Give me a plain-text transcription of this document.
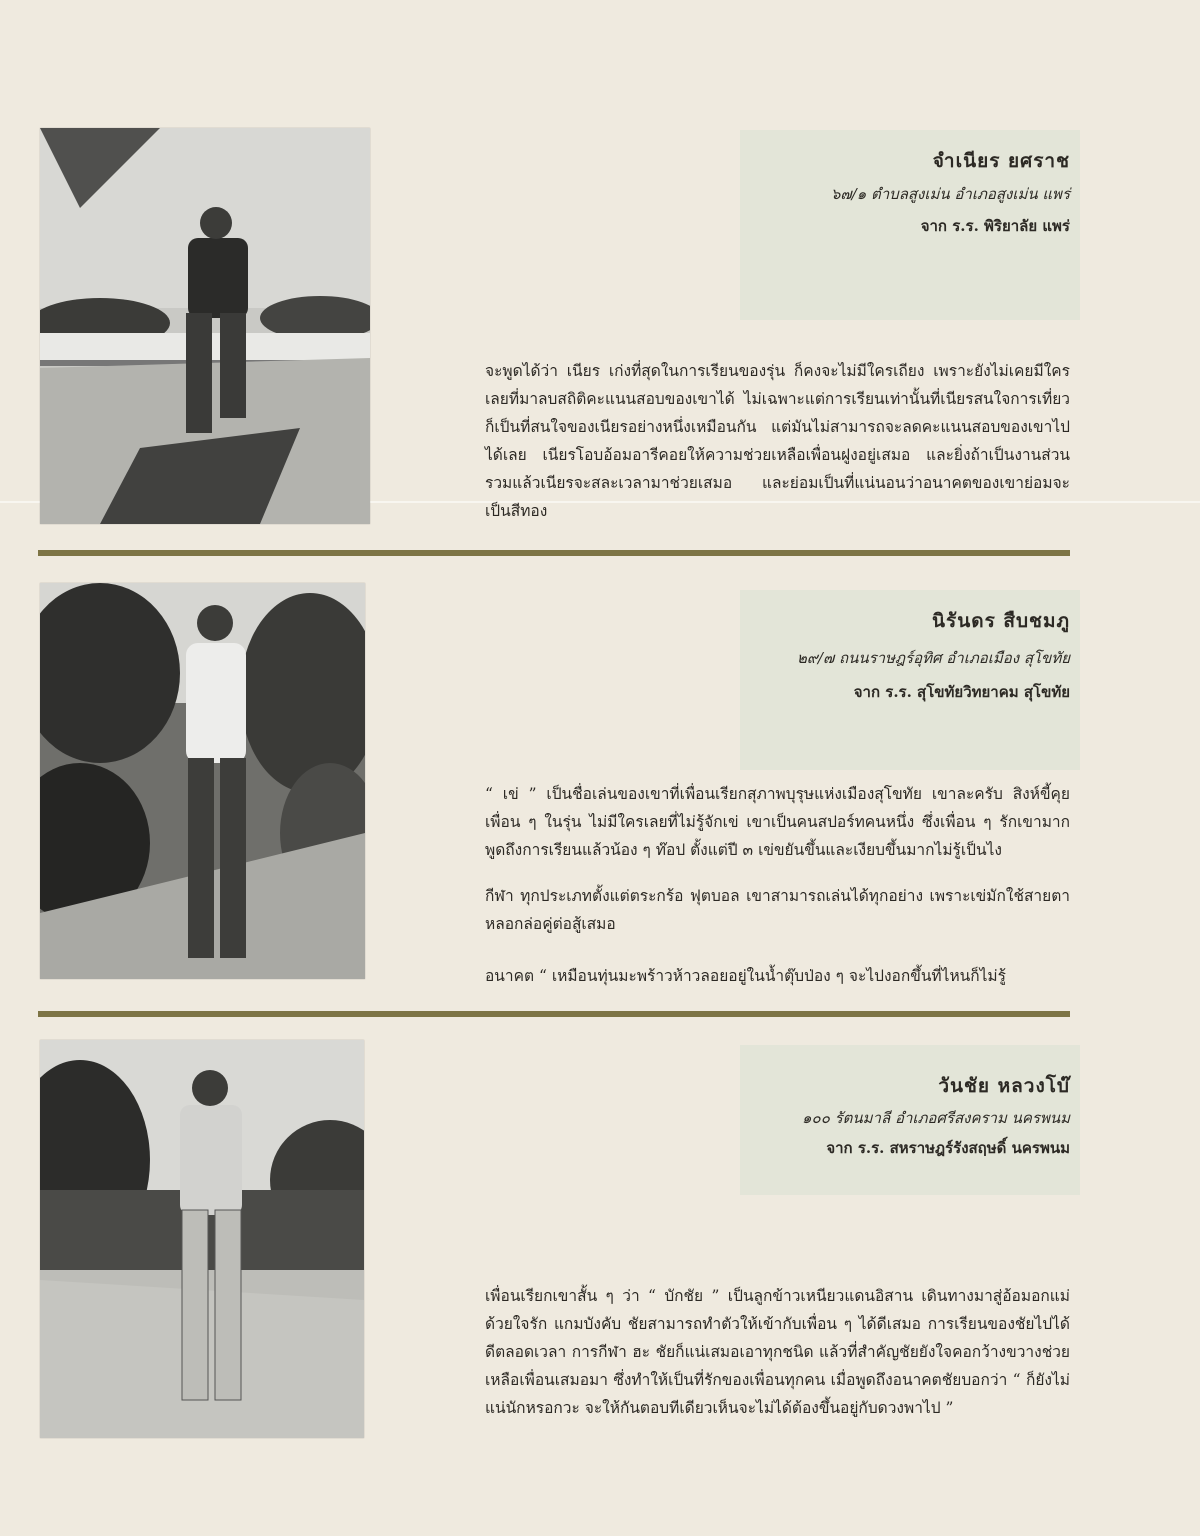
จำเนียร ยศราช
๖๗/๑ ตำบลสูงเม่น อำเภอสูงเม่น แพร่
จาก ร.ร. พิริยาลัย แพร่

จะพูดได้ว่า เนียร เก่งที่สุดในการเรียนของรุ่น ก็คงจะไม่มีใครเถียง เพราะยังไม่เคยมีใครเลยที่มาลบสถิติคะแนนสอบของเขาได้ ไม่เฉพาะแต่การเรียนเท่านั้นที่เนียรสนใจการเที่ยวก็เป็นที่สนใจของเนียรอย่างหนึ่งเหมือนกัน แต่มันไม่สามารถจะลดคะแนนสอบของเขาไปได้เลย เนียรโอบอ้อมอารีคอยให้ความช่วยเหลือเพื่อนฝูงอยู่เสมอ และยิ่งถ้าเป็นงานส่วนรวมแล้วเนียรจะสละเวลามาช่วยเสมอ และย่อมเป็นที่แน่นอนว่าอนาคตของเขาย่อมจะเป็นสีทอง

นิรันดร สืบชมภู
๒๙/๗ ถนนราษฎร์อุทิศ อำเภอเมือง สุโขทัย
จาก ร.ร. สุโขทัยวิทยาคม สุโขทัย

“ เข่ ” เป็นชื่อเล่นของเขาที่เพื่อนเรียกสุภาพบุรุษแห่งเมืองสุโขทัย เขาละครับ สิงห์ขี้คุยเพื่อน ๆ ในรุ่น ไม่มีใครเลยที่ไม่รู้จักเข่ เขาเป็นคนสปอร์ทคนหนึ่ง ซึ่งเพื่อน ๆ รักเขามาก พูดถึงการเรียนแล้วน้อง ๆ ท๊อป ตั้งแต่ปี ๓ เข่ขยันขึ้นและเงียบขึ้นมากไม่รู้เป็นไง

กีฬา ทุกประเภทตั้งแต่ตระกร้อ ฟุตบอล เขาสามารถเล่นได้ทุกอย่าง เพราะเข่มักใช้สายตาหลอกล่อคู่ต่อสู้เสมอ

อนาคต “ เหมือนทุ่นมะพร้าวห้าวลอยอยู่ในน้ำตุ๊บป่อง ๆ จะไปงอกขึ้นที่ไหนก็ไม่รู้

วันชัย หลวงโบ๊
๑๐๐ รัตนมาลี อำเภอศรีสงคราม นครพนม
จาก ร.ร. สหราษฎร์รังสฤษดิ์ นครพนม

เพื่อนเรียกเขาสั้น ๆ ว่า “ บักชัย ” เป็นลูกข้าวเหนียวแดนอิสาน เดินทางมาสู่อ้อมอกแม่ด้วยใจรัก แกมบังคับ ชัยสามารถทำตัวให้เข้ากับเพื่อน ๆ ได้ดีเสมอ การเรียนของชัยไปได้ดีตลอดเวลา การกีฬา ฮะ ชัยก็แน่เสมอเอาทุกชนิด แล้วที่สำคัญชัยยังใจคอกว้างขวางช่วยเหลือเพื่อนเสมอมา ซึ่งทำให้เป็นที่รักของเพื่อนทุกคน เมื่อพูดถึงอนาคตชัยบอกว่า “ ก็ยังไม่แน่นักหรอกวะ จะให้กันตอบทีเดียวเห็นจะไม่ได้ต้องขึ้นอยู่กับดวงพาไป ”
